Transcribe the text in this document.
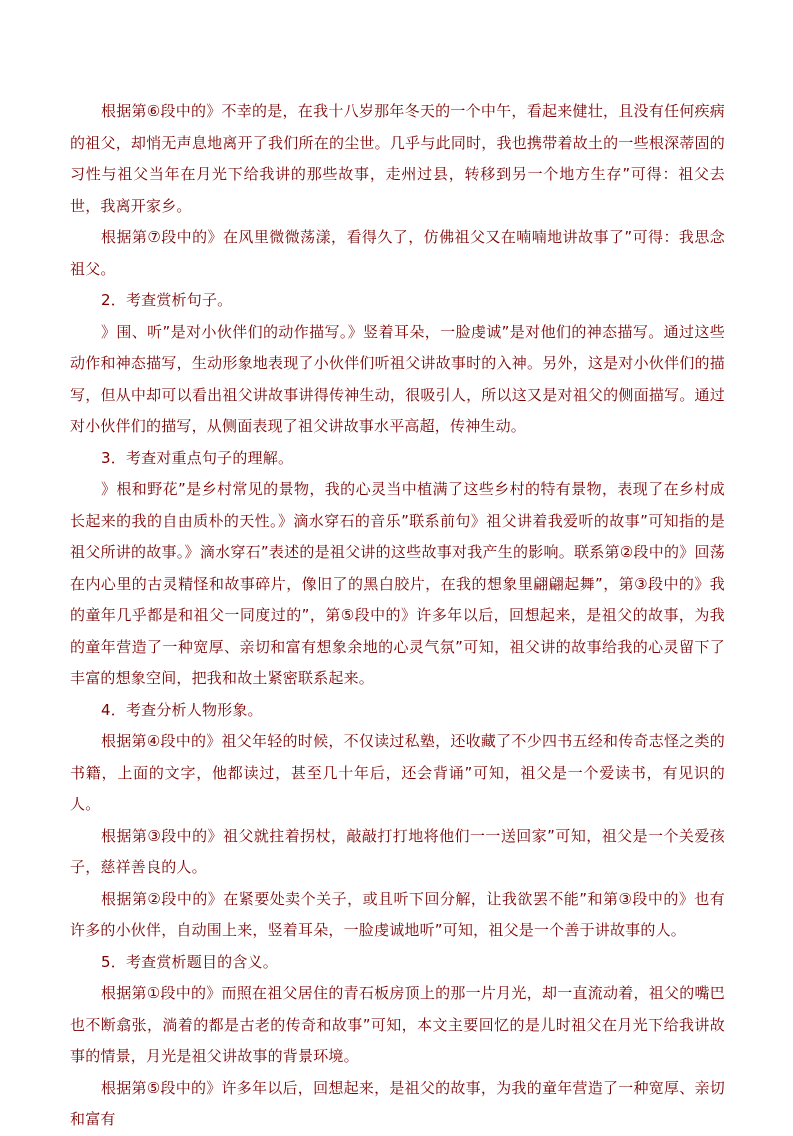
根据第⑥段中的》不幸的是，在我十八岁那年冬天的一个中午，看起来健壮，且没有任何疾病的祖父，却悄无声息地离开了我们所在的尘世。几乎与此同时，我也携带着故土的一些根深蒂固的习性与祖父当年在月光下给我讲的那些故事，走州过县，转移到另一个地方生存”可得：祖父去世，我离开家乡。

根据第⑦段中的》在风里微微荡漾，看得久了，仿佛祖父又在喃喃地讲故事了”可得：我思念祖父。

2．考查赏析句子。

》围、听”是对小伙伴们的动作描写。》竖着耳朵，一脸虔诚”是对他们的神态描写。通过这些动作和神态描写，生动形象地表现了小伙伴们听祖父讲故事时的入神。另外，这是对小伙伴们的描写，但从中却可以看出祖父讲故事讲得传神生动，很吸引人，所以这又是对祖父的侧面描写。通过对小伙伴们的描写，从侧面表现了祖父讲故事水平高超，传神生动。

3．考查对重点句子的理解。

》根和野花”是乡村常见的景物，我的心灵当中植满了这些乡村的特有景物，表现了在乡村成长起来的我的自由质朴的天性。》滴水穿石的音乐”联系前句》祖父讲着我爱听的故事”可知指的是祖父所讲的故事。》滴水穿石”表述的是祖父讲的这些故事对我产生的影响。联系第②段中的》回荡在内心里的古灵精怪和故事碎片，像旧了的黑白胶片，在我的想象里翩翩起舞”，第③段中的》我的童年几乎都是和祖父一同度过的”，第⑤段中的》许多年以后，回想起来，是祖父的故事，为我的童年营造了一种宽厚、亲切和富有想象余地的心灵气氛”可知，祖父讲的故事给我的心灵留下了丰富的想象空间，把我和故土紧密联系起来。

4．考查分析人物形象。

根据第④段中的》祖父年轻的时候，不仅读过私塾，还收藏了不少四书五经和传奇志怪之类的书籍，上面的文字，他都读过，甚至几十年后，还会背诵”可知，祖父是一个爱读书，有见识的人。

根据第③段中的》祖父就拄着拐杖，敲敲打打地将他们一一送回家”可知，祖父是一个关爱孩子，慈祥善良的人。

根据第②段中的》在紧要处卖个关子，或且听下回分解，让我欲罢不能”和第③段中的》也有许多的小伙伴，自动围上来，竖着耳朵，一脸虔诚地听”可知，祖父是一个善于讲故事的人。

5．考查赏析题目的含义。

根据第①段中的》而照在祖父居住的青石板房顶上的那一片月光，却一直流动着，祖父的嘴巴也不断翕张，淌着的都是古老的传奇和故事”可知，本文主要回忆的是儿时祖父在月光下给我讲故事的情景，月光是祖父讲故事的背景环境。

根据第⑤段中的》许多年以后，回想起来，是祖父的故事，为我的童年营造了一种宽厚、亲切和富有
